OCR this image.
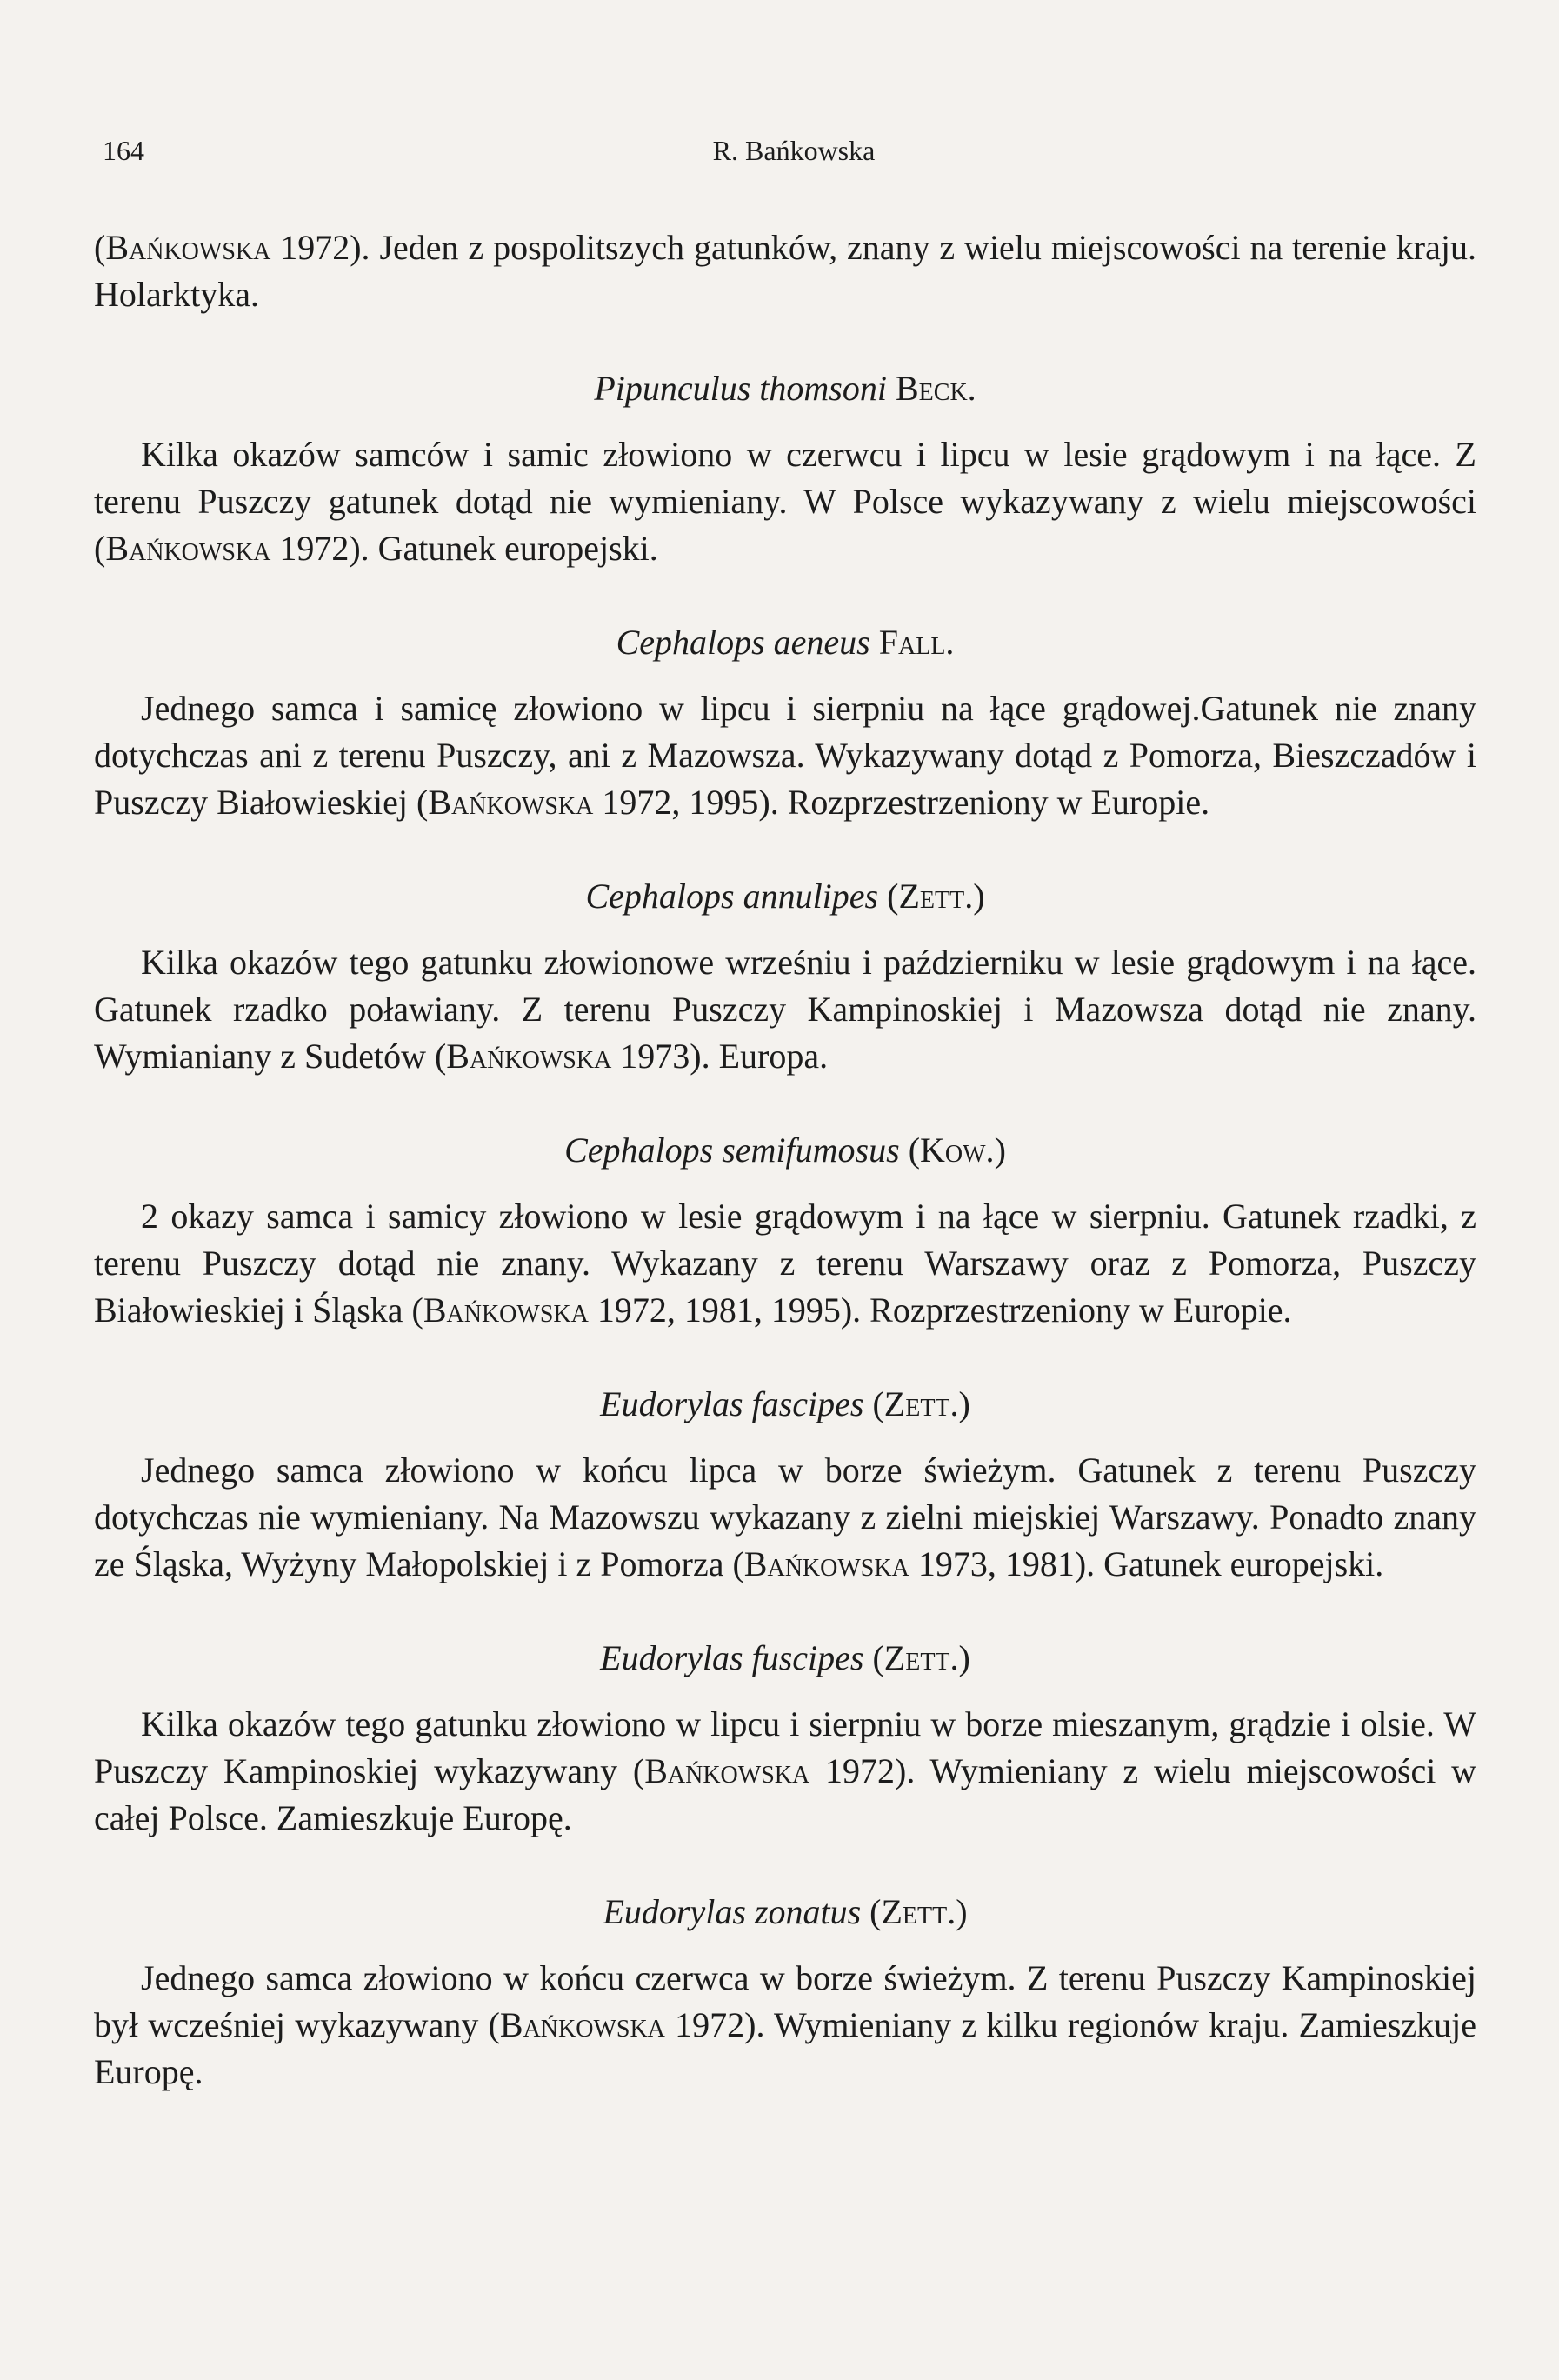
164	R. Bańkowska

(Bańkowska 1972). Jeden z pospolitszych gatunków, znany z wielu miejscowości na terenie kraju. Holarktyka.

Pipunculus thomsoni Beck.

Kilka okazów samców i samic złowiono w czerwcu i lipcu w lesie grądowym i na łące. Z terenu Puszczy gatunek dotąd nie wymieniany. W Polsce wykazywany z wielu miejscowości (Bańkowska 1972). Gatunek europejski.

Cephalops aeneus Fall.

Jednego samca i samicę złowiono w lipcu i sierpniu na łące grądowej.Gatunek nie znany dotychczas ani z terenu Puszczy, ani z Mazowsza. Wykazywany dotąd z Pomorza, Bieszczadów i Puszczy Białowieskiej (Bańkowska 1972, 1995). Rozprzestrzeniony w Europie.

Cephalops annulipes (Zett.)

Kilka okazów tego gatunku złowionowe wrześniu i październiku w lesie grądowym i na łące. Gatunek rzadko poławiany. Z terenu Puszczy Kampinoskiej i Mazowsza dotąd nie znany. Wymianiany z Sudetów (Bańkowska 1973). Europa.

Cephalops semifumosus (Kow.)

2 okazy samca i samicy złowiono w lesie grądowym i na łące w sierpniu. Gatunek rzadki, z terenu Puszczy dotąd nie znany. Wykazany z terenu Warszawy oraz z Pomorza, Puszczy Białowieskiej i Śląska (Bańkowska 1972, 1981, 1995). Rozprzestrzeniony w Europie.

Eudorylas fascipes (Zett.)

Jednego samca złowiono w końcu lipca w borze świeżym. Gatunek z terenu Puszczy dotychczas nie wymieniany. Na Mazowszu wykazany z zielni miejskiej Warszawy. Ponadto znany ze Śląska, Wyżyny Małopolskiej i z Pomorza (Bańkowska 1973, 1981). Gatunek europejski.

Eudorylas fuscipes (Zett.)

Kilka okazów tego gatunku złowiono w lipcu i sierpniu w borze mieszanym, grądzie i olsie. W Puszczy Kampinoskiej wykazywany (Bańkowska 1972). Wymieniany z wielu miejscowości w całej Polsce. Zamieszkuje Europę.

Eudorylas zonatus (Zett.)

Jednego samca złowiono w końcu czerwca w borze świeżym. Z terenu Puszczy Kampinoskiej był wcześniej wykazywany (Bańkowska 1972). Wymieniany z kilku regionów kraju. Zamieszkuje Europę.
